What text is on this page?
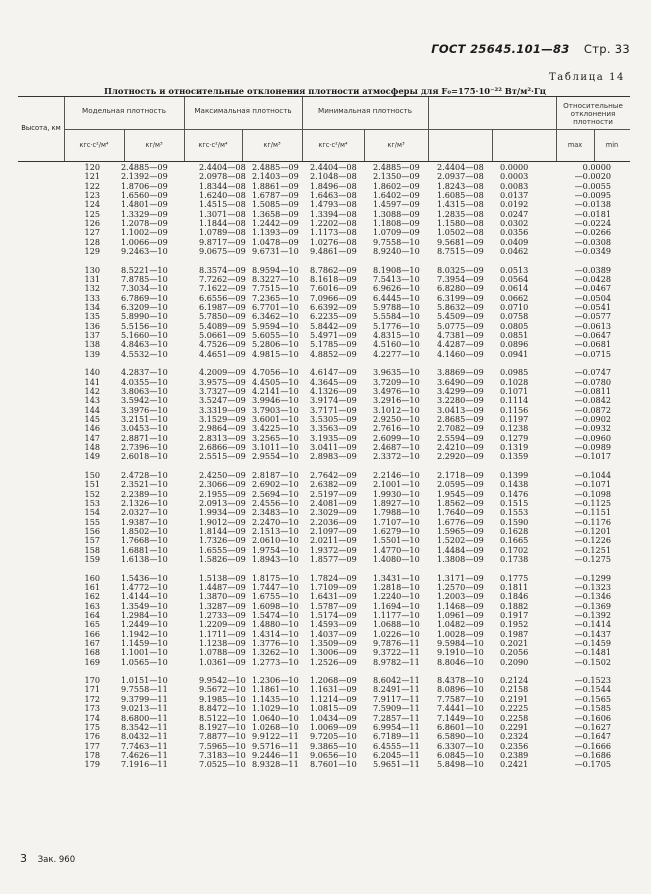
ГОСТ 25645.101—83 Стр. 33
Таблица 14
Плотность и относительные отклонения плотности атмосферы для F₀=175·10⁻²² Вт/м²·Гц
Высота, км
Модельная плотность	Максимальная плотность	Минимальная плотность
Относительные отклонения плотности
кгс·с²/м⁴	кг/м³	кгс·с²/м⁴	кг/м³	кгс·с²/м⁴	кг/м³	max	min
120	2.4885—09	2.4404—08 2.4885—09 2.4404—08 2.4885—09 2.4404—08 0.0000	0.0000
121	2.1392—09	2.0978—08 2.1403—09 2.1048—08 2.1350—09 2.0937—08 0.0003	—0.0020
122	1.8706—09	1.8344—08 1.8861—09 1.8496—08 1.8602—09 1.8243—08 0.0083	—0.0055
123	1.6560—09	1.6240—08 1.6787—09 1.6463—08 1.6402—09 1.6085—08 0.0137	—0.0095
124	1.4801—09	1.4515—08 1.5085—09 1.4793—08 1.4597—09 1.4315—08 0.0192	—0.0138
125	1.3329—09	1.3071—08 1.3658—09 1.3394—08 1.3088—09 1.2835—08 0.0247	—0.0181
126	1.2078—09	1.1844—08 1.2442—09 1.2202—08 1.1808—09 1.1580—08 0.0302	—0.0224
127	1.1002—09	1.0789—08 1.1393—09 1.1173—08 1.0709—09 1.0502—08 0.0356	—0.0266
128	1.0066—09	9.8717—09 1.0478—09 1.0276—08 9.7558—10 9.5681—09 0.0409	—0.0308
129	9.2463—10	9.0675—09 9.6731—10 9.4861—09 8.9240—10 8.7515—09 0.0462	—0.0349
130	8.5221—10	8.3574—09 8.9594—10 8.7862—09 8.1908—10 8.0325—09 0.0513	—0.0389
131	7.8785—10	7.7262—09 8.3227—10 8.1618—09 7.5413—10 7.3954—09 0.0564	—0.0428
132	7.3034—10	7.1622—09 7.7515—10 7.6016—09 6.9626—10 6.8280—09 0.0614	—0.0467
133	6.7869—10	6.6556—09 7.2365—10 7.0966—09 6.4445—10 6.3199—09 0.0662	—0.0504
134	6.3209—10	6.1987—09 6.7701—10 6.6392—09 5.9788—10 5.8632—09 0.0710	—0.0541
135	5.8990—10	5.7850—09 6.3462—10 6.2235—09 5.5584—10 5.4509—09 0.0758	—0.0577
136	5.5156—10	5.4089—09 5.9594—10 5.8442—09 5.1776—10 5.0775—09 0.0805	—0.0613
137	5.1660—10	5.0661—09 5.6055—10 5.4971—09 4.8315—10 4.7381—09 0.0851	—0.0647
138	4.8463—10	4.7526—09 5.2806—10 5.1785—09 4.5160—10 4.4287—09 0.0896	—0.0681
139	4.5532—10	4.4651—09 4.9815—10 4.8852—09 4.2277—10 4.1460—09 0.0941	—0.0715
140	4.2837—10	4.2009—09 4.7056—10 4.6147—09 3.9635—10 3.8869—09 0.0985	—0.0747
141	4.0355—10	3.9575—09 4.4505—10 4.3645—09 3.7209—10 3.6490—09 0.1028	—0.0780
142	3.8063—10	3.7327—09 4.2141—10 4.1326—09 3.4976—10 3.4299—09 0.1071	—0.0811
143	3.5942—10	3.5247—09 3.9946—10 3.9174—09 3.2916—10 3.2280—09 0.1114	—0.0842
144	3.3976—10	3.3319—09 3.7903—10 3.7171—09 3.1012—10 3.0413—09 0.1156	—0.0872
145	3.2151—10	3.1529—09 3.6001—10 3.5305—09 2.9250—10 2.8685—09 0.1197	—0.0902
146	3.0453—10	2.9864—09 3.4225—10 3.3563—09 2.7616—10 2.7082—09 0.1238	—0.0932
147	2.8871—10	2.8313—09 3.2565—10 3.1935—09 2.6099—10 2.5594—09 0.1279	—0.0960
148	2.7396—10	2.6866—09 3.1011—10 3.0411—09 2.4687—10 2.4210—09 0.1319	—0.0989
149	2.6018—10	2.5515—09 2.9554—10 2.8983—09 2.3372—10 2.2920—09 0.1359	—0.1017
150	2.4728—10	2.4250—09 2.8187—10 2.7642—09 2.2146—10 2.1718—09 0.1399	—0.1044
151	2.3521—10	2.3066—09 2.6902—10 2.6382—09 2.1001—10 2.0595—09 0.1438	—0.1071
152	2.2389—10	2.1955—09 2.5694—10 2.5197—09 1.9930—10 1.9545—09 0.1476	—0.1098
153	2.1326—10	2.0913—09 2.4556—10 2.4081—09 1.8927—10 1.8562—09 0.1515	—0.1125
154	2.0327—10	1.9934—09 2.3483—10 2.3029—09 1.7988—10 1.7640—09 0.1553	—0.1151
155	1.9387—10	1.9012—09 2.2470—10 2.2036—09 1.7107—10 1.6776—09 0.1590	—0.1176
156	1.8502—10	1.8144—09 2.1513—10 2.1097—09 1.6279—10 1.5965—09 0.1628	—0.1201
157	1.7668—10	1.7326—09 2.0610—10 2.0211—09 1.5501—10 1.5202—09 0.1665	—0.1226
158	1.6881—10	1.6555—09 1.9754—10 1.9372—09 1.4770—10 1.4484—09 0.1702	—0.1251
159	1.6138—10	1.5826—09 1.8943—10 1.8577—09 1.4080—10 1.3808—09 0.1738	—0.1275
160	1.5436—10	1.5138—09 1.8175—10 1.7824—09 1.3431—10 1.3171—09 0.1775	—0.1299
161	1.4772—10	1.4487—09 1.7447—10 1.7109—09 1.2818—10 1.2570—09 0.1811	—0.1323
162	1.4144—10	1.3870—09 1.6755—10 1.6431—09 1.2240—10 1.2003—09 0.1846	—0.1346
163	1.3549—10	1.3287—09 1.6098—10 1.5787—09 1.1694—10 1.1468—09 0.1882	—0.1369
164	1.2984—10	1.2733—09 1.5474—10 1.5174—09 1.1177—10 1.0961—09 0.1917	—0.1392
165	1.2449—10	1.2209—09 1.4880—10 1.4593—09 1.0688—10 1.0482—09 0.1952	—0.1414
166	1.1942—10	1.1711—09 1.4314—10 1.4037—09 1.0226—10 1.0028—09 0.1987	—0.1437
167	1.1459—10	1.1238—09 1.3776—10 1.3509—09 9.7876—11 9.5984—10 0.2021	—0.1459
168	1.1001—10	1.0788—09 1.3262—10 1.3006—09 9.3722—11 9.1910—10 0.2056	—0.1481
169	1.0565—10	1.0361—09 1.2773—10 1.2526—09 8.9782—11 8.8046—10 0.2090	—0.1502
170	1.0151—10	9.9542—10 1.2306—10 1.2068—09 8.6042—11 8.4378—10 0.2124	—0.1523
171	9.7558—11	9.5672—10 1.1861—10 1.1631—09 8.2491—11 8.0896—10 0.2158	—0.1544
172	9.3799—11	9.1985—10 1.1435—10 1.1214—09 7.9117—11 7.7587—10 0.2191	—0.1565
173	9.0213—11	8.8472—10 1.1029—10 1.0815—09 7.5909—11 7.4441—10 0.2225	—0.1585
174	8.6800—11	8.5122—10 1.0640—10 1.0434—09 7.2857—11 7.1449—10 0.2258	—0.1606
175	8.3542—11	8.1927—10 1.0268—10 1.0069—09 6.9954—11 6.8601—10 0.2291	—0.1627
176	8.0432—11	7.8877—10 9.9122—11 9.7205—10 6.7189—11 6.5890—10 0.2324	—0.1647
177	7.7463—11	7.5965—10 9.5716—11 9.3865—10 6.4555—11 6.3307—10 0.2356	—0.1666
178	7.4626—11	7.3183—10 9.2446—11 9.0656—10 6.2045—11 6.0845—10 0.2389	—0.1686
179	7.1916—11	7.0525—10 8.9328—11 8.7601—10 5.9651—11 5.8498—10 0.2421	—0.1705
3 Зак. 960
